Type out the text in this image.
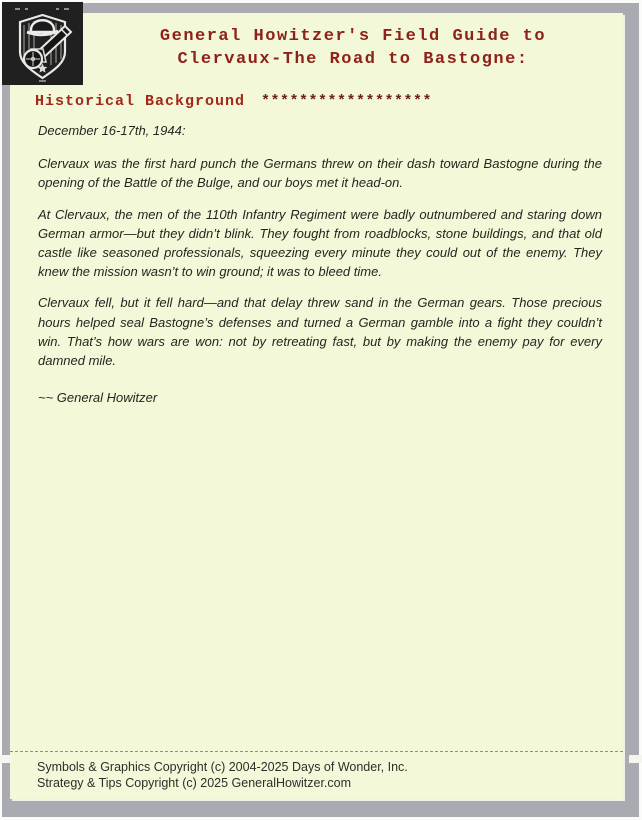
General Howitzer's Field Guide to
Clervaux-The Road to Bastogne:
Historical Background ******************

December 16-17th, 1944:

Clervaux was the first hard punch the Germans threw on their dash toward Bastogne during the opening of the Battle of the Bulge, and our boys met it head-on.

At Clervaux, the men of the 110th Infantry Regiment were badly outnumbered and staring down German armor—but they didn’t blink. They fought from roadblocks, stone buildings, and that old castle like seasoned professionals, squeezing every minute they could out of the enemy. They knew the mission wasn’t to win ground; it was to bleed time.

Clervaux fell, but it fell hard—and that delay threw sand in the German gears. Those precious hours helped seal Bastogne’s defenses and turned a German gamble into a fight they couldn’t win. That’s how wars are won: not by retreating fast, but by making the enemy pay for every damned mile.

~~ General Howitzer

Symbols & Graphics Copyright (c) 2004-2025 Days of Wonder, Inc.
Strategy & Tips Copyright (c) 2025 GeneralHowitzer.com
